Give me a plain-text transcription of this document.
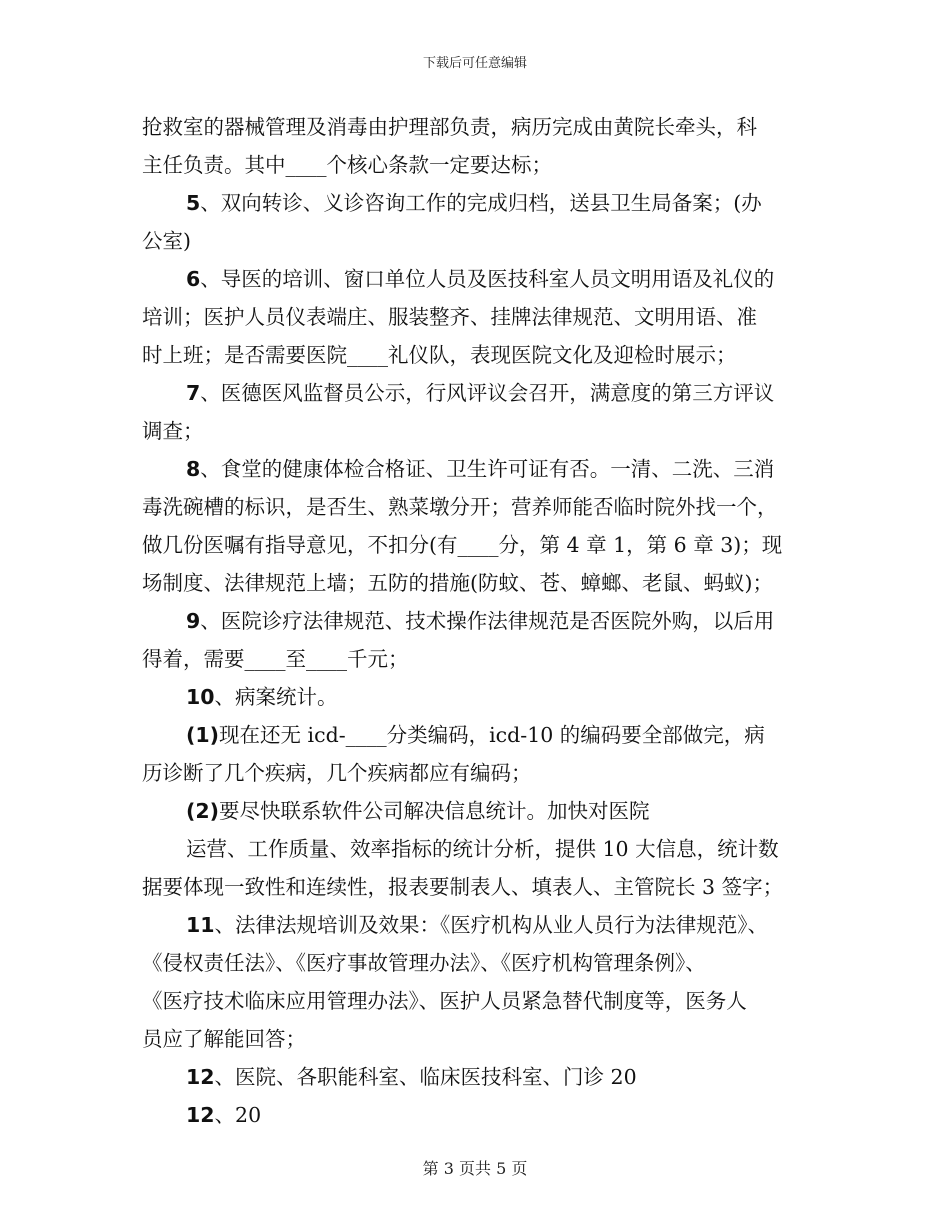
下载后可任意编辑
抢救室的器械管理及消毒由护理部负责，病历完成由黄院长牵头，科
主任负责。其中____个核心条款一定要达标；
5、双向转诊、义诊咨询工作的完成归档，送县卫生局备案；(办
公室)
6、导医的培训、窗口单位人员及医技科室人员文明用语及礼仪的
培训；医护人员仪表端庄、服装整齐、挂牌法律规范、文明用语、准
时上班；是否需要医院____礼仪队，表现医院文化及迎检时展示；
7、医德医风监督员公示，行风评议会召开，满意度的第三方评议
调查；
8、食堂的健康体检合格证、卫生许可证有否。一清、二洗、三消
毒洗碗槽的标识，是否生、熟菜墩分开；营养师能否临时院外找一个，
做几份医嘱有指导意见，不扣分(有____分，第 4 章 1，第 6 章 3)；现
场制度、法律规范上墙；五防的措施(防蚊、苍、蟑螂、老鼠、蚂蚁)；
9、医院诊疗法律规范、技术操作法律规范是否医院外购，以后用
得着，需要____至____千元；
10、病案统计。
(1)现在还无 icd-____分类编码，icd-10 的编码要全部做完，病
历诊断了几个疾病，几个疾病都应有编码；
(2)要尽快联系软件公司解决信息统计。加快对医院
运营、工作质量、效率指标的统计分析，提供 10 大信息，统计数
据要体现一致性和连续性，报表要制表人、填表人、主管院长 3 签字；
11、法律法规培训及效果：《医疗机构从业人员行为法律规范》、
《侵权责任法》、《医疗事故管理办法》、《医疗机构管理条例》、
《医疗技术临床应用管理办法》、医护人员紧急替代制度等，医务人
员应了解能回答；
12、医院、各职能科室、临床医技科室、门诊 20
12、20
第 3 页共 5 页
